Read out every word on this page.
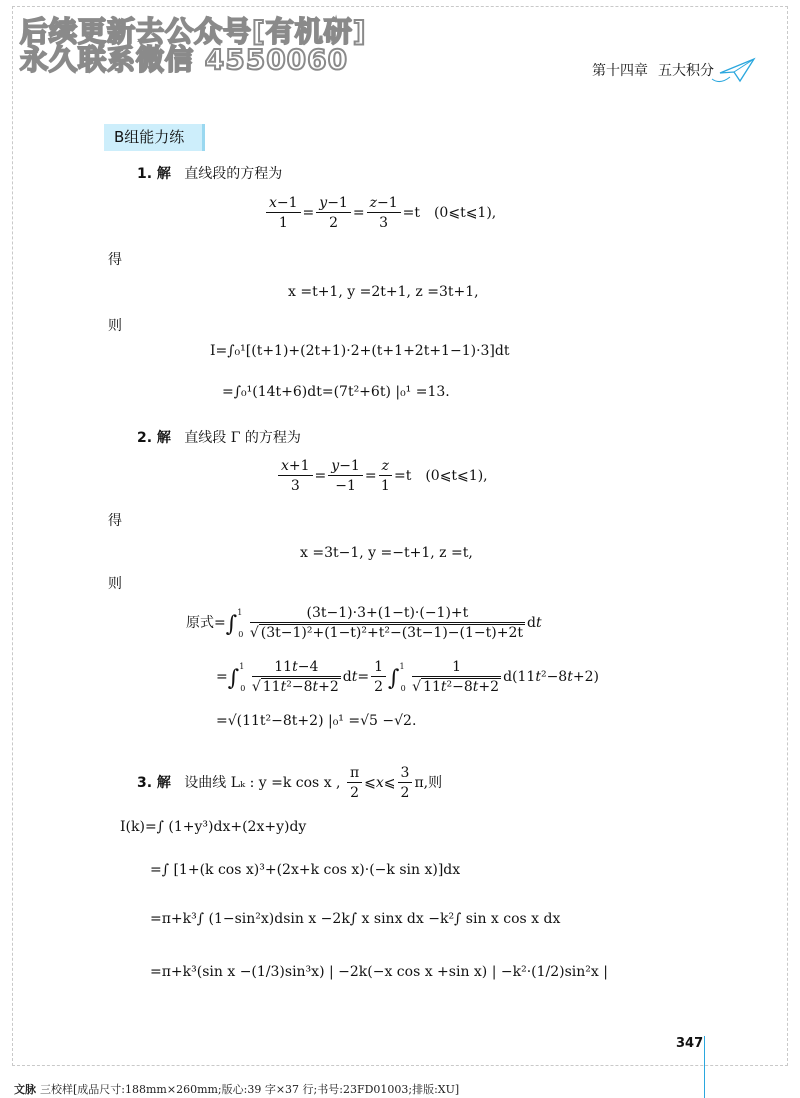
后续更新去公众号[有机研]
永久联系微信 4550060	第十四章 五大积分
B组能力练
1. 解 直线段的方程为
$\frac{x-1}{1} = \frac{y-1}{2} = \frac{z-1}{3} =t$　(0⩽t⩽1),
得
x =t+1, y =2t+1, z =3t+1,
则
I=∫₀¹[(t+1)+(2t+1)·2+(t+1+2t+1−1)·3]dt
=∫₀¹(14t+6)dt=(7t²+6t) |₀¹ =13.
2. 解 直线段 Γ 的方程为
$\frac{x+1}{3} = \frac{y-1}{-1} = \frac{z}{1} =t$　(0⩽t⩽1),
得
x =3t−1, y =−t+1, z =t,
则
原式$=\int^1_0 \frac{(3t-1)\cdot 3+(1-t)\cdot(-1)+t}{\text{√ (3t−1)²+(1−t)²+t²−(3t−1)−(1−t)+2t}}$ dt
$=\int^1_0 \frac{11t-4}{\text{√ 11t²−8t+2}} dt= \frac{1}{2} \int^1_0 \frac{1}{\text{√ 11t²−8t+2}} d(11t^2-8t+2)$
=√(11t²−8t+2) |₀¹ =√5 −√2.
3. 解 设曲线 Lₖ : y =k cos x , $\frac{\pi}{2}$ ⩽x⩽ $\frac{3}{2} \pi$,则
I(k)=∫ (1+y³)dx+(2x+y)dy
=∫ [1+(k cos x)³+(2x+k cos x)·(−k sin x)]dx
=π+k³∫ (1−sin²x)dsin x −2k∫ x sinx dx −k²∫ sin x cos x dx
=π+k³(sin x −(1/3)sin³x) | −2k(−x cos x +sin x) | −k²·(1/2)sin²x |
347
文脉 三校样[成品尺寸:188mm×260mm;版心:39 字×37 行;书号:23FD01003;排版:XU]
